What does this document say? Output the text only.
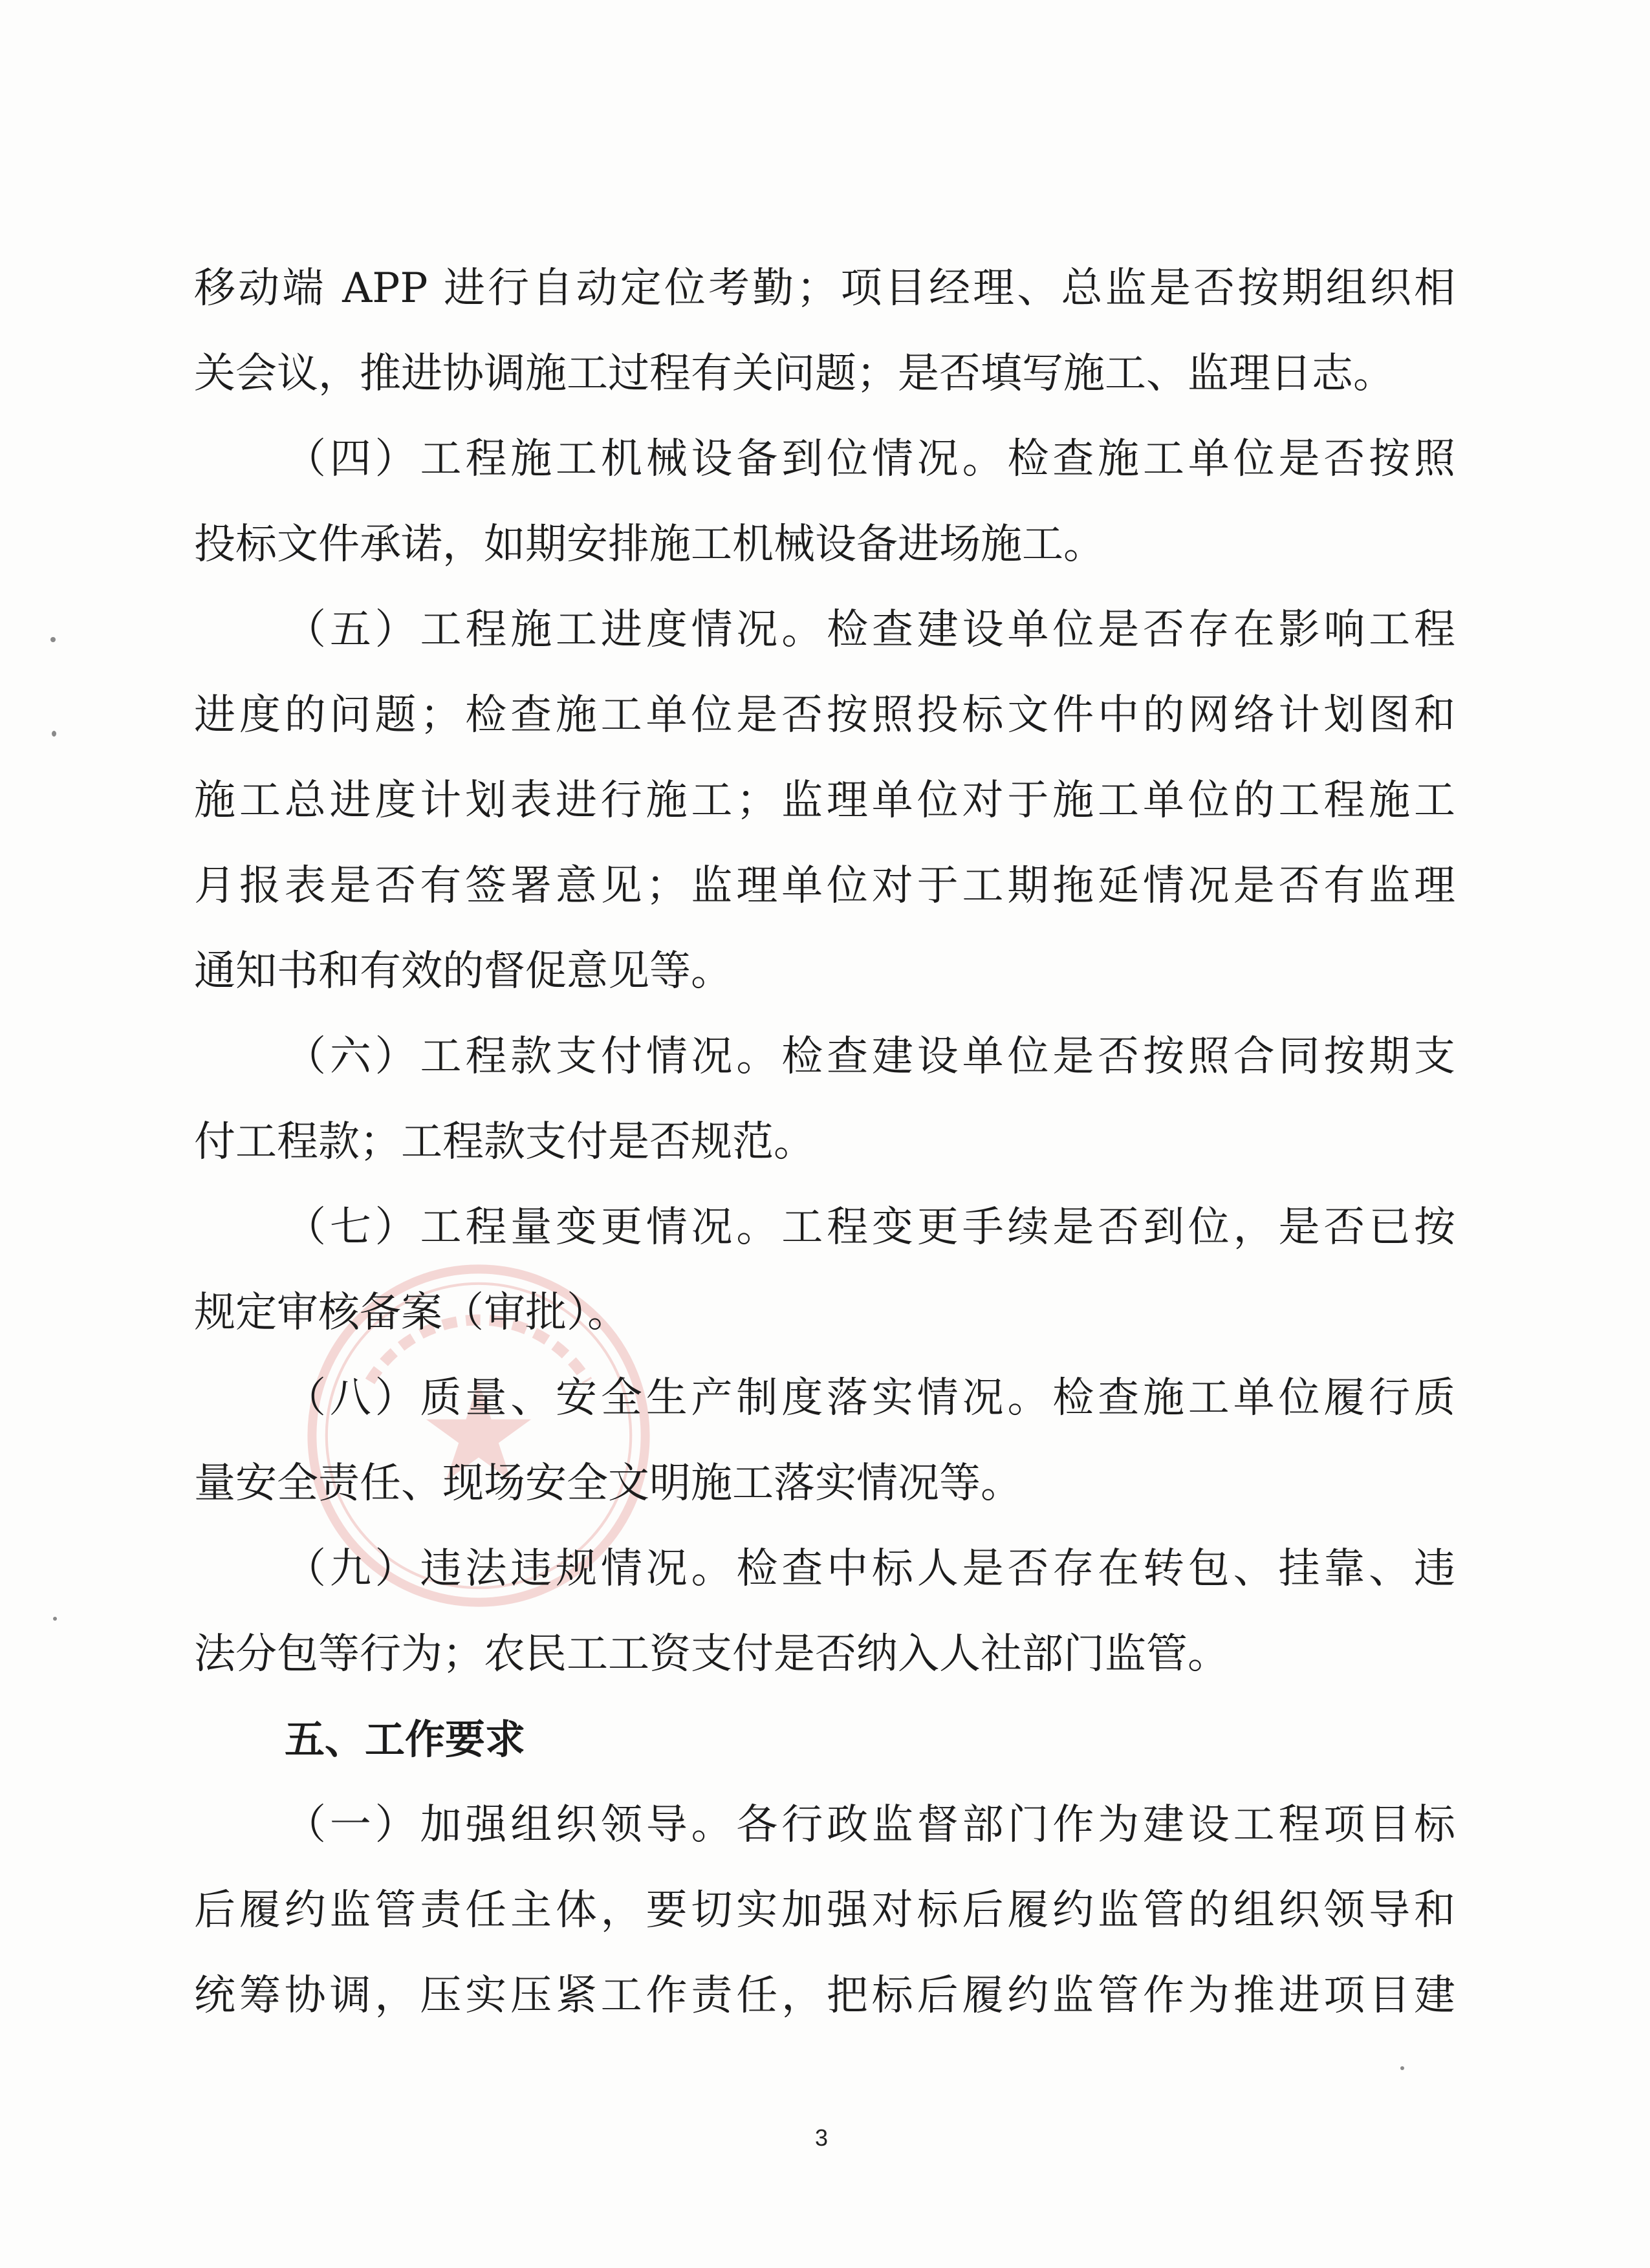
移动端 APP 进行自动定位考勤；项目经理、总监是否按期组织相
关会议，推进协调施工过程有关问题；是否填写施工、监理日志。
（四）工程施工机械设备到位情况。检查施工单位是否按照
投标文件承诺，如期安排施工机械设备进场施工。
（五）工程施工进度情况。检查建设单位是否存在影响工程
进度的问题；检查施工单位是否按照投标文件中的网络计划图和
施工总进度计划表进行施工；监理单位对于施工单位的工程施工
月报表是否有签署意见；监理单位对于工期拖延情况是否有监理
通知书和有效的督促意见等。
（六）工程款支付情况。检查建设单位是否按照合同按期支
付工程款；工程款支付是否规范。
（七）工程量变更情况。工程变更手续是否到位，是否已按
规定审核备案（审批）。
（八）质量、安全生产制度落实情况。检查施工单位履行质
量安全责任、现场安全文明施工落实情况等。
（九）违法违规情况。检查中标人是否存在转包、挂靠、违
法分包等行为；农民工工资支付是否纳入人社部门监管。
五、工作要求
（一）加强组织领导。各行政监督部门作为建设工程项目标
后履约监管责任主体，要切实加强对标后履约监管的组织领导和
统筹协调，压实压紧工作责任，把标后履约监管作为推进项目建
3
